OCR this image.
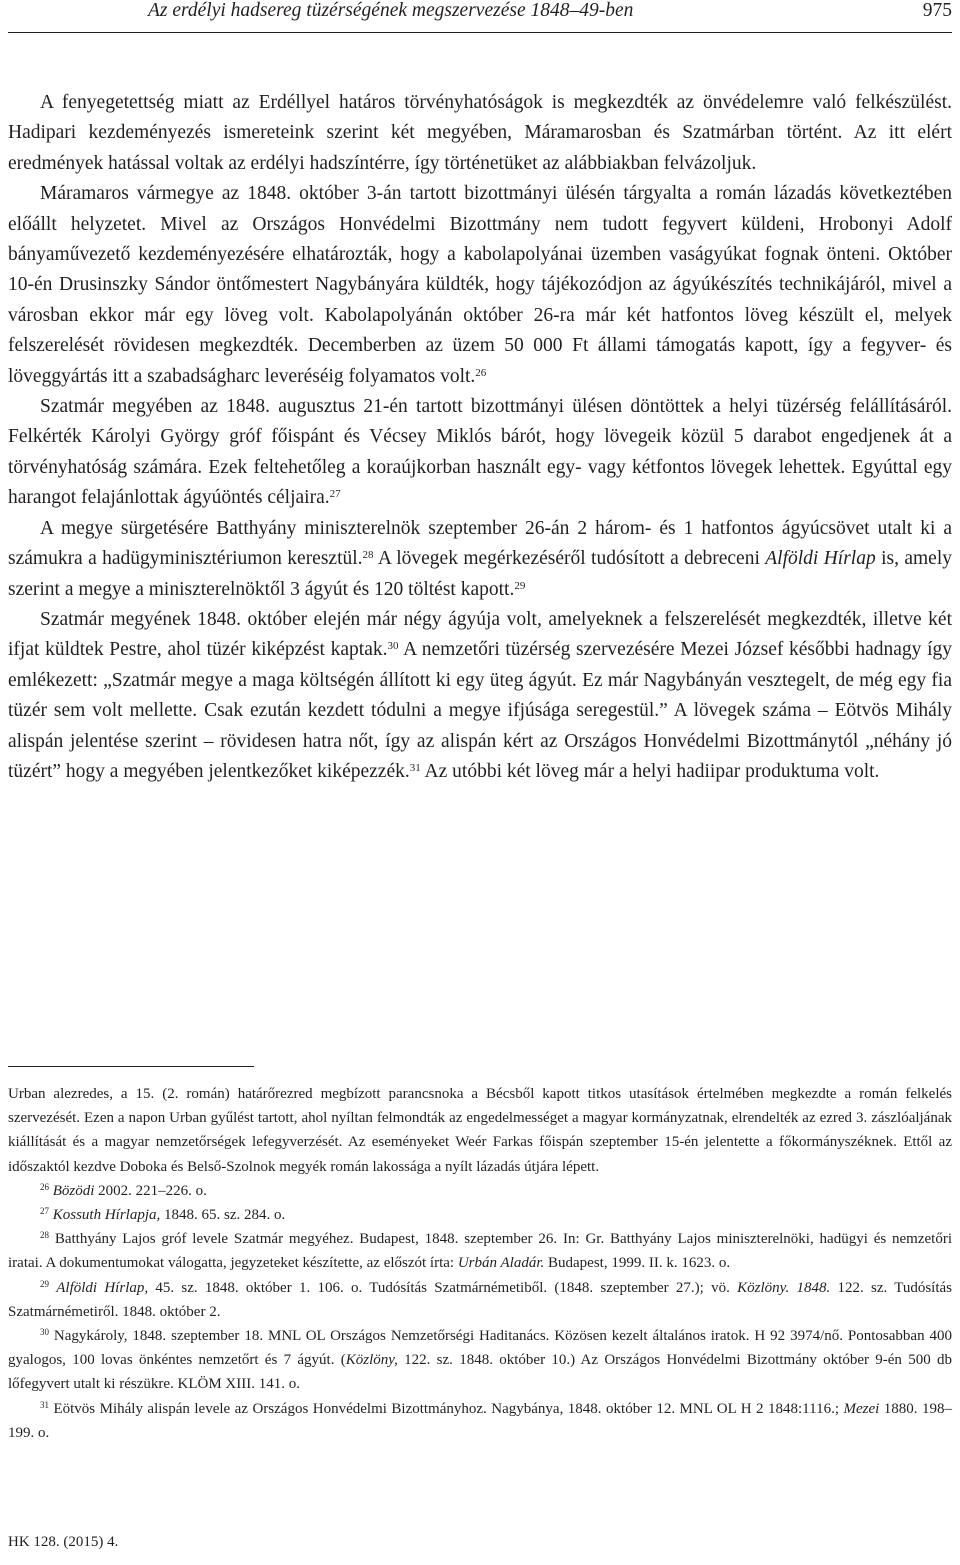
Az erdélyi hadsereg tüzérségének megszervezése 1848–49-ben	975

A fenyegetettség miatt az Erdéllyel határos törvényhatóságok is megkezdték az önvédelemre való felkészülést. Hadipari kezdeményezés ismereteink szerint két megyében, Máramarosban és Szatmárban történt. Az itt elért eredmények hatással voltak az erdélyi hadszíntérre, így történetüket az alábbiakban felvázoljuk.

Máramaros vármegye az 1848. október 3-án tartott bizottmányi ülésén tárgyalta a román lázadás következtében előállt helyzetet. Mivel az Országos Honvédelmi Bizottmány nem tudott fegyvert küldeni, Hrobonyi Adolf bányaművezető kezdeményezésére elhatározták, hogy a kabolapolyánai üzemben vaságyúkat fognak önteni. Október 10-én Drusinszky Sándor öntőmestert Nagybányára küldték, hogy tájékozódjon az ágyúkészítés technikájáról, mivel a városban ekkor már egy löveg volt. Kabolapolyánán október 26-ra már két hatfontos löveg készült el, melyek felszerelését rövidesen megkezdték. Decemberben az üzem 50 000 Ft állami támogatás kapott, így a fegyver- és löveggyártás itt a szabadságharc leveréséig folyamatos volt.$^{26}$

Szatmár megyében az 1848. augusztus 21-én tartott bizottmányi ülésen döntöttek a helyi tüzérség felállításáról. Felkérték Károlyi György gróf főispánt és Vécsey Miklós bárót, hogy lövegeik közül 5 darabot engedjenek át a törvényhatóság számára. Ezek feltehetőleg a koraújkorban használt egy- vagy kétfontos lövegek lehettek. Egyúttal egy harangot felajánlottak ágyúöntés céljaira.$^{27}$

A megye sürgetésére Batthyány miniszterelnök szeptember 26-án 2 három- és 1 hatfontos ágyúcsövet utalt ki a számukra a hadügyminisztériumon keresztül.$^{28}$ A lövegek megérkezéséről tudósított a debreceni Alföldi Hírlap is, amely szerint a megye a miniszterelnöktől 3 ágyút és 120 töltést kapott.$^{29}$

Szatmár megyének 1848. október elején már négy ágyúja volt, amelyeknek a felszerelését megkezdték, illetve két ifjat küldtek Pestre, ahol tüzér kiképzést kaptak.$^{30}$ A nemzetőri tüzérség szervezésére Mezei József későbbi hadnagy így emlékezett: „Szatmár megye a maga költségén állított ki egy üteg ágyút. Ez már Nagybányán vesztegelt, de még egy fia tüzér sem volt mellette. Csak ezután kezdett tódulni a megye ifjúsága seregestül.” A lövegek száma – Eötvös Mihály alispán jelentése szerint – rövidesen hatra nőt, így az alispán kért az Országos Honvédelmi Bizottmánytól „néhány jó tüzért” hogy a megyében jelentkezőket kiképezzék.$^{31}$ Az utóbbi két löveg már a helyi hadiipar produktuma volt.

Urban alezredes, a 15. (2. román) határőrezred megbízott parancsnoka a Bécsből kapott titkos utasítások értelmében megkezdte a román felkelés szervezését. Ezen a napon Urban gyűlést tartott, ahol nyíltan felmondták az engedelmességet a magyar kormányzatnak, elrendelték az ezred 3. zászlóaljának kiállítását és a magyar nemzetőrségek lefegyverzését. Az eseményeket Weér Farkas főispán szeptember 15-én jelentette a főkormányszéknek. Ettől az időszaktól kezdve Doboka és Belső-Szolnok megyék román lakossága a nyílt lázadás útjára lépett.

$^{26}$ Bözödi 2002. 221–226. o.

$^{27}$ Kossuth Hírlapja, 1848. 65. sz. 284. o.

$^{28}$ Batthyány Lajos gróf levele Szatmár megyéhez. Budapest, 1848. szeptember 26. In: Gr. Batthyány Lajos miniszterelnöki, hadügyi és nemzetőri iratai. A dokumentumokat válogatta, jegyzeteket készítette, az előszót írta: Urbán Aladár. Budapest, 1999. II. k. 1623. o.

$^{29}$ Alföldi Hírlap, 45. sz. 1848. október 1. 106. o. Tudósítás Szatmárnémetiből. (1848. szeptember 27.); vö. Közlöny. 1848. 122. sz. Tudósítás Szatmárnémetiről. 1848. október 2.

$^{30}$ Nagykároly, 1848. szeptember 18. MNL OL Országos Nemzetőrségi Haditanács. Közösen kezelt általános iratok. H 92 3974/nő. Pontosabban 400 gyalogos, 100 lovas önkéntes nemzetőrt és 7 ágyút. (Közlöny, 122. sz. 1848. október 10.) Az Országos Honvédelmi Bizottmány október 9-én 500 db lőfegyvert utalt ki részükre. KLÖM XIII. 141. o.

$^{31}$ Eötvös Mihály alispán levele az Országos Honvédelmi Bizottmányhoz. Nagybánya, 1848. október 12. MNL OL H 2 1848:1116.; Mezei 1880. 198–199. o.

HK 128. (2015) 4.
